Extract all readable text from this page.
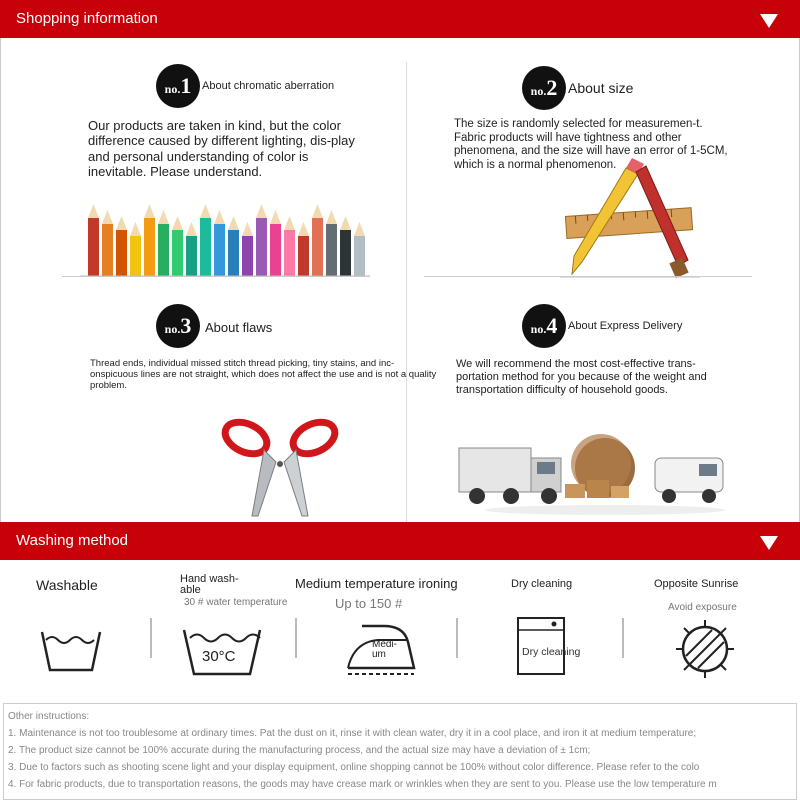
Shopping information
no.1 About chromatic aberration
Our products are taken in kind, but the color difference caused by different lighting, dis-play and personal understanding of color is inevitable. Please understand.
no.2 About size
The size is randomly selected for measuremen-t. Fabric products will have tightness and other phenomena, and the size will have an error of 1-5CM, which is a normal phenomenon.
no.3	About flaws
Thread ends, individual missed stitch thread picking, tiny stains, and inc-onspicuous lines are not straight, which does not affect the use and is not a quality problem.
no.4 About Express Delivery
We will recommend the most cost-effective trans-portation method for you because of the weight and transportation difficulty of household goods.
Washing method
Washable	Hand wash-able
30 # water temperature
30°C
Medium temperature ironing
Up to 150 #
Medi-um
Dry cleaning
Dry cleaning
Opposite Sunrise
Avoid exposure
Other instructions:
1. Maintenance is not too troublesome at ordinary times. Pat the dust on it, rinse it with clean water, dry it in a cool place, and iron it at medium temperature;
2. The product size cannot be 100% accurate during the manufacturing process, and the actual size may have a deviation of ± 1cm;
3. Due to factors such as shooting scene light and your display equipment, online shopping cannot be 100% without color difference. Please refer to the colo
4. For fabric products, due to transportation reasons, the goods may have crease mark or wrinkles when they are sent to you. Please use the low temperature m
